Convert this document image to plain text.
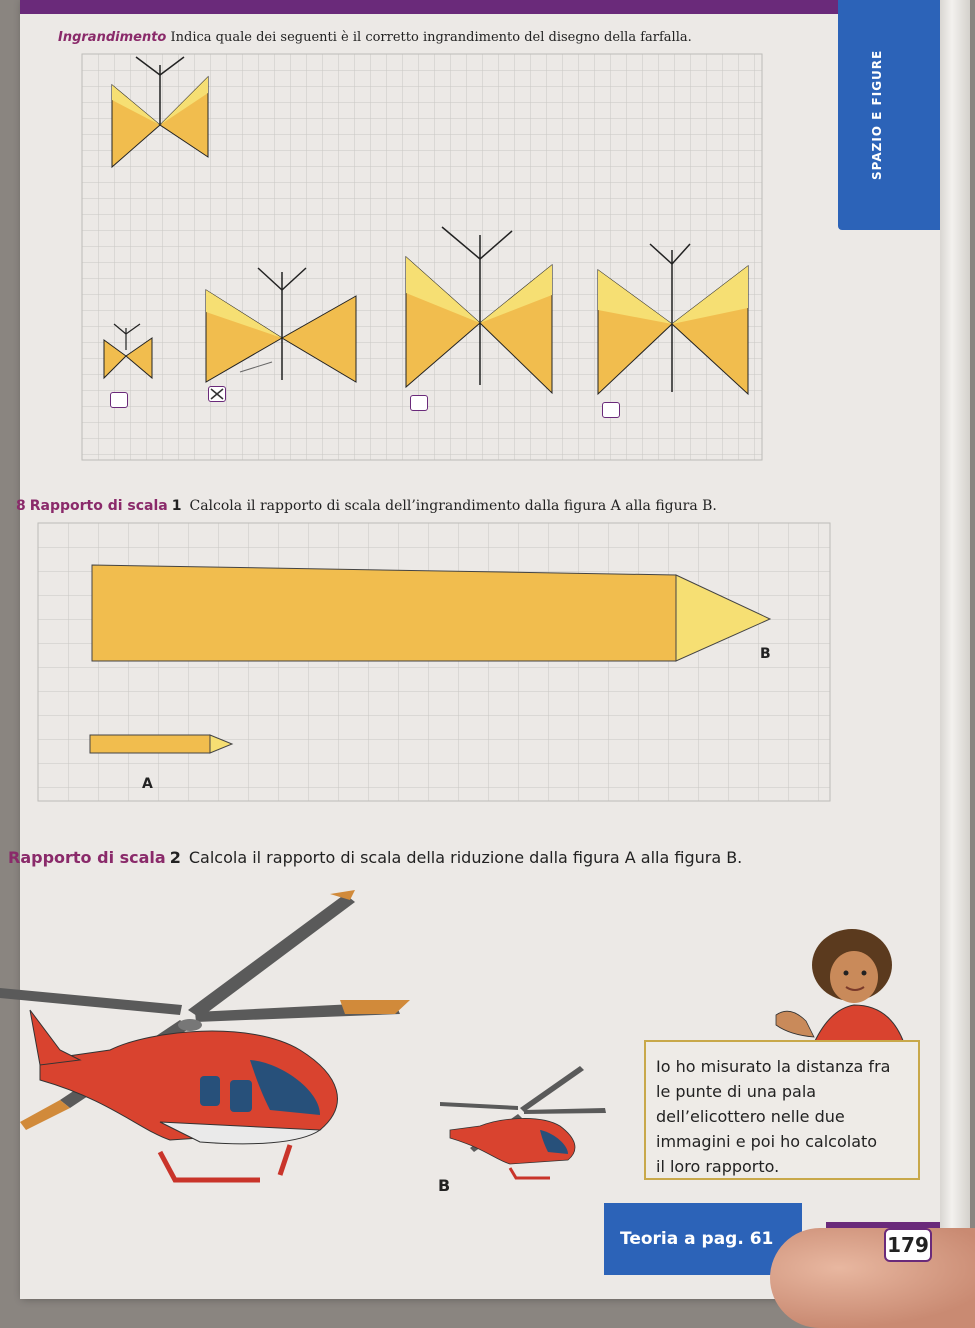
SPAZIO E FIGURE
Ingrandimento Indica quale dei seguenti è il corretto ingrandimento del disegno della farfalla.
8 Rapporto di scala 1 Calcola il rapporto di scala dell’ingrandimento dalla figura A alla figura B.
B
A
Rapporto di scala 2 Calcola il rapporto di scala della riduzione dalla figura A alla figura B.
B
Io ho misurato la distanza fra
le punte di una pala
dell’elicottero nelle due
immagini e poi ho calcolato
il loro rapporto.
Teoria a pag. 61	179
